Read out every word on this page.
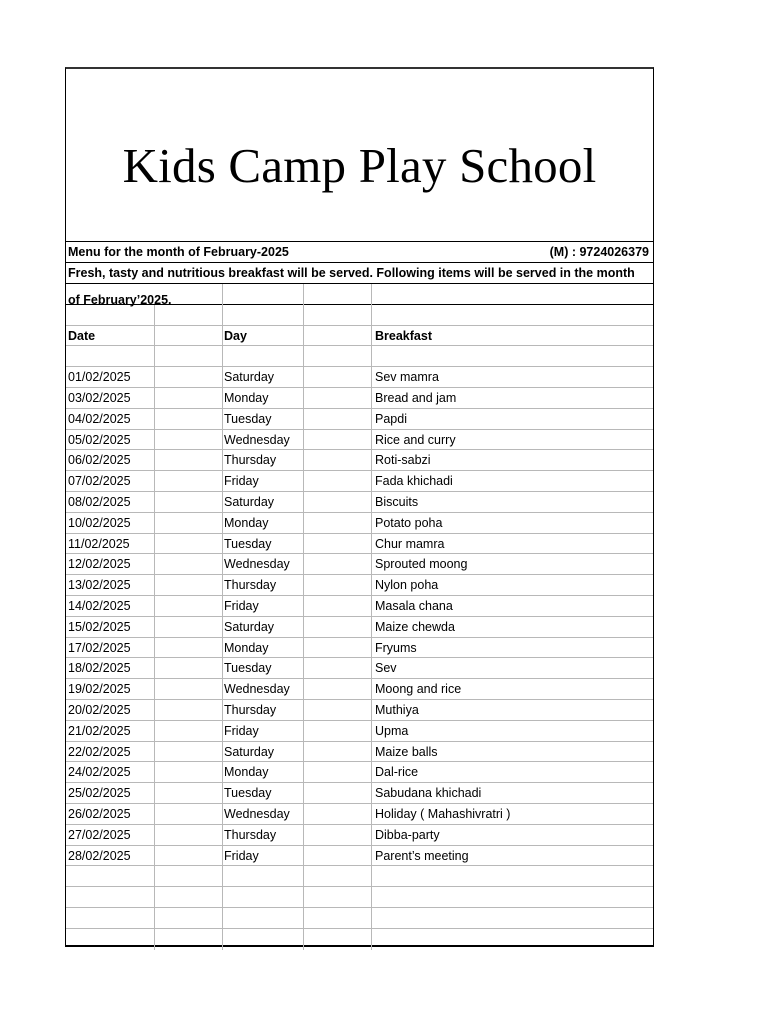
Kids Camp Play School
Menu for the month of February-2025	(M) : 9724026379
Fresh, tasty and nutritious breakfast will be served. Following items will be served in the month
Date	Day	Breakfast
01/02/2025	Saturday	Sev mamra
03/02/2025	Monday	Bread and jam
04/02/2025	Tuesday	Papdi
05/02/2025	Wednesday	Rice and curry
06/02/2025	Thursday	Roti-sabzi
07/02/2025	Friday	Fada khichadi
08/02/2025	Saturday	Biscuits
10/02/2025	Monday	Potato poha
11/02/2025	Tuesday	Chur mamra
12/02/2025	Wednesday	Sprouted moong
13/02/2025	Thursday	Nylon poha
14/02/2025	Friday	Masala chana
15/02/2025	Saturday	Maize chewda
17/02/2025	Monday	Fryums
18/02/2025	Tuesday	Sev
19/02/2025	Wednesday	Moong and rice
20/02/2025	Thursday	Muthiya
21/02/2025	Friday	Upma
22/02/2025	Saturday	Maize balls
24/02/2025	Monday	Dal-rice
25/02/2025	Tuesday	Sabudana khichadi
26/02/2025	Wednesday	Holiday ( Mahashivratri )
27/02/2025	Thursday	Dibba-party
28/02/2025	Friday	Parent’s meeting
of February’2025.
